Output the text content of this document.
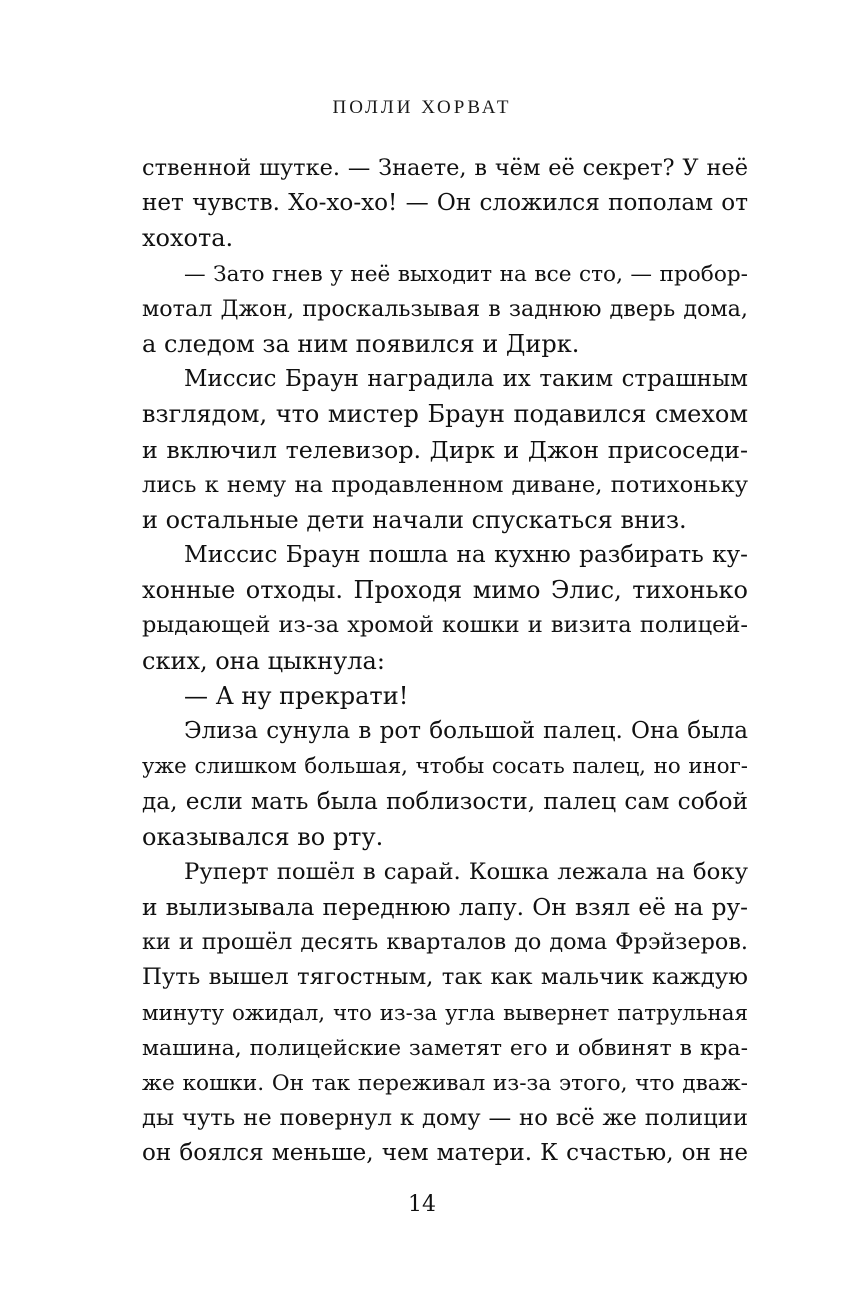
ПОЛЛИ ХОРВАТ
ственной шутке. — Знаете, в чём её секрет? У неё
нет чувств. Хо-хо-хо! — Он сложился пополам от
хохота.
— Зато гнев у неё выходит на все сто, — пробор-
мотал Джон, проскальзывая в заднюю дверь дома,
а следом за ним появился и Дирк.
Миссис Браун наградила их таким страшным
взглядом, что мистер Браун подавился смехом
и включил телевизор. Дирк и Джон присоседи-
лись к нему на продавленном диване, потихоньку
и остальные дети начали спускаться вниз.
Миссис Браун пошла на кухню разбирать ку-
хонные отходы. Проходя мимо Элис, тихонько
рыдающей из-за хромой кошки и визита полицей-
ских, она цыкнула:
— А ну прекрати!
Элиза сунула в рот большой палец. Она была
уже слишком большая, чтобы сосать палец, но иног-
да, если мать была поблизости, палец сам собой
оказывался во рту.
Руперт пошёл в сарай. Кошка лежала на боку
и вылизывала переднюю лапу. Он взял её на ру-
ки и прошёл десять кварталов до дома Фрэйзеров.
Путь вышел тягостным, так как мальчик каждую
минуту ожидал, что из-за угла вывернет патрульная
машина, полицейские заметят его и обвинят в кра-
же кошки. Он так переживал из-за этого, что дваж-
ды чуть не повернул к дому — но всё же полиции
он боялся меньше, чем матери. К счастью, он не
14
